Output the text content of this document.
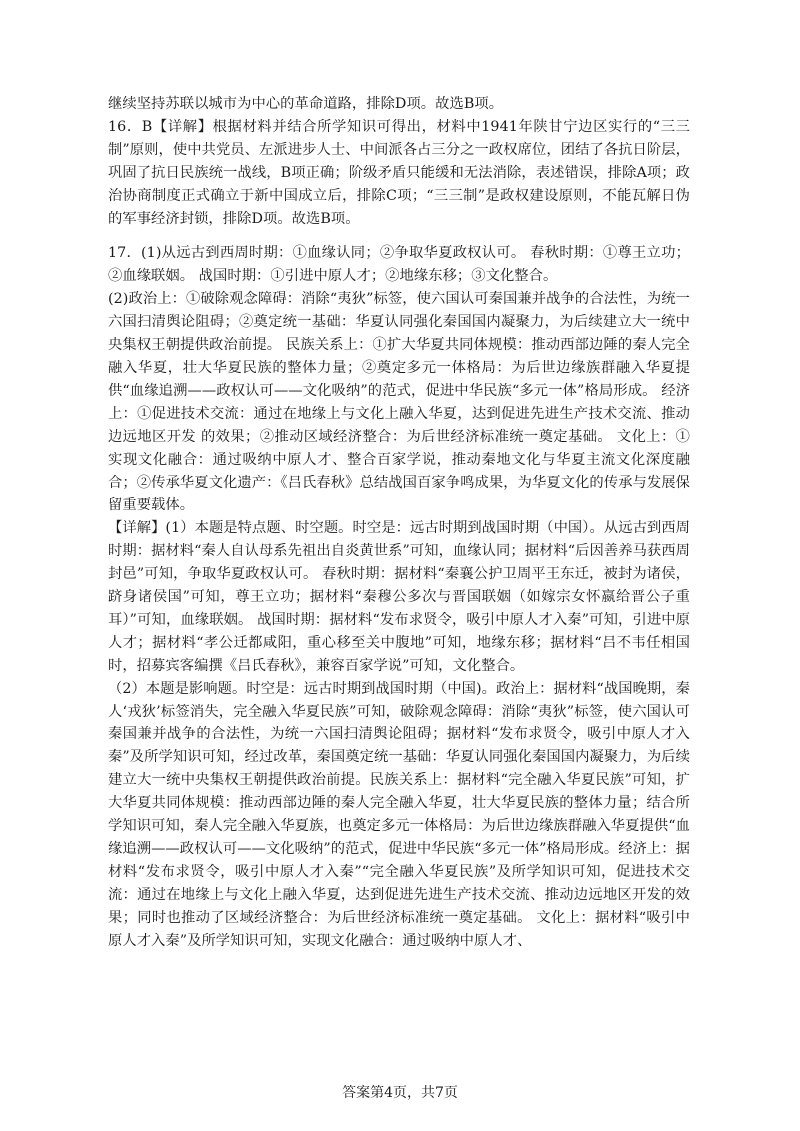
继续坚持苏联以城市为中心的革命道路，排除D项。故选B项。

16．B【详解】根据材料并结合所学知识可得出，材料中1941年陕甘宁边区实行的“三三制”原则，使中共党员、左派进步人士、中间派各占三分之一政权席位，团结了各抗日阶层，巩固了抗日民族统一战线，B项正确；阶级矛盾只能缓和无法消除，表述错误，排除A项；政治协商制度正式确立于新中国成立后，排除C项；“三三制”是政权建设原则，不能瓦解日伪的军事经济封锁，排除D项。故选B项。

17．(1)从远古到西周时期：①血缘认同；②争取华夏政权认可。 春秋时期：①尊王立功；②血缘联姻。 战国时期：①引进中原人才；②地缘东移；③文化整合。

(2)政治上：①破除观念障碍：消除“夷狄”标签，使六国认可秦国兼并战争的合法性，为统一六国扫清舆论阻碍；②奠定统一基础：华夏认同强化秦国国内凝聚力，为后续建立大一统中央集权王朝提供政治前提。 民族关系上：①扩大华夏共同体规模：推动西部边陲的秦人完全融入华夏，壮大华夏民族的整体力量；②奠定多元一体格局：为后世边缘族群融入华夏提供“血缘追溯——政权认可——文化吸纳”的范式，促进中华民族“多元一体”格局形成。 经济上：①促进技术交流：通过在地缘上与文化上融入华夏，达到促进先进生产技术交流、推动边远地区开发 的效果；②推动区域经济整合：为后世经济标准统一奠定基础。 文化上：①实现文化融合：通过吸纳中原人才、整合百家学说，推动秦地文化与华夏主流文化深度融合；②传承华夏文化遗产：《吕氏春秋》总结战国百家争鸣成果，为华夏文化的传承与发展保留重要载体。

【详解】(1）本题是特点题、时空题。时空是：远古时期到战国时期（中国）。从远古到西周时期：据材料“秦人自认母系先祖出自炎黄世系”可知，血缘认同；据材料“后因善养马获西周封邑”可知，争取华夏政权认可。 春秋时期：据材料“秦襄公护卫周平王东迁，被封为诸侯，跻身诸侯国”可知，尊王立功；据材料“秦穆公多次与晋国联姻（如嫁宗女怀嬴给晋公子重耳）”可知，血缘联姻。 战国时期：据材料“发布求贤令，吸引中原人才入秦”可知，引进中原人才；据材料“孝公迁都咸阳，重心移至关中腹地”可知，地缘东移；据材料“吕不韦任相国时，招募宾客编撰《吕氏春秋》，兼容百家学说”可知，文化整合。

（2）本题是影响题。时空是：远古时期到战国时期（中国)。政治上：据材料“战国晚期，秦人‘戎狄’标签消失，完全融入华夏民族”可知，破除观念障碍：消除“夷狄”标签，使六国认可秦国兼并战争的合法性，为统一六国扫清舆论阻碍；据材料“发布求贤令，吸引中原人才入秦”及所学知识可知，经过改革，秦国奠定统一基础：华夏认同强化秦国国内凝聚力，为后续建立大一统中央集权王朝提供政治前提。民族关系上：据材料“完全融入华夏民族”可知，扩大华夏共同体规模：推动西部边陲的秦人完全融入华夏，壮大华夏民族的整体力量；结合所学知识可知，秦人完全融入华夏族，也奠定多元一体格局：为后世边缘族群融入华夏提供“血缘追溯——政权认可——文化吸纳”的范式，促进中华民族“多元一体”格局形成。经济上：据材料“发布求贤令，吸引中原人才入秦”“完全融入华夏民族”及所学知识可知，促进技术交流：通过在地缘上与文化上融入华夏，达到促进先进生产技术交流、推动边远地区开发的效果；同时也推动了区域经济整合：为后世经济标准统一奠定基础。 文化上：据材料“吸引中原人才入秦”及所学知识可知，实现文化融合：通过吸纳中原人才、

答案第4页，共7页
